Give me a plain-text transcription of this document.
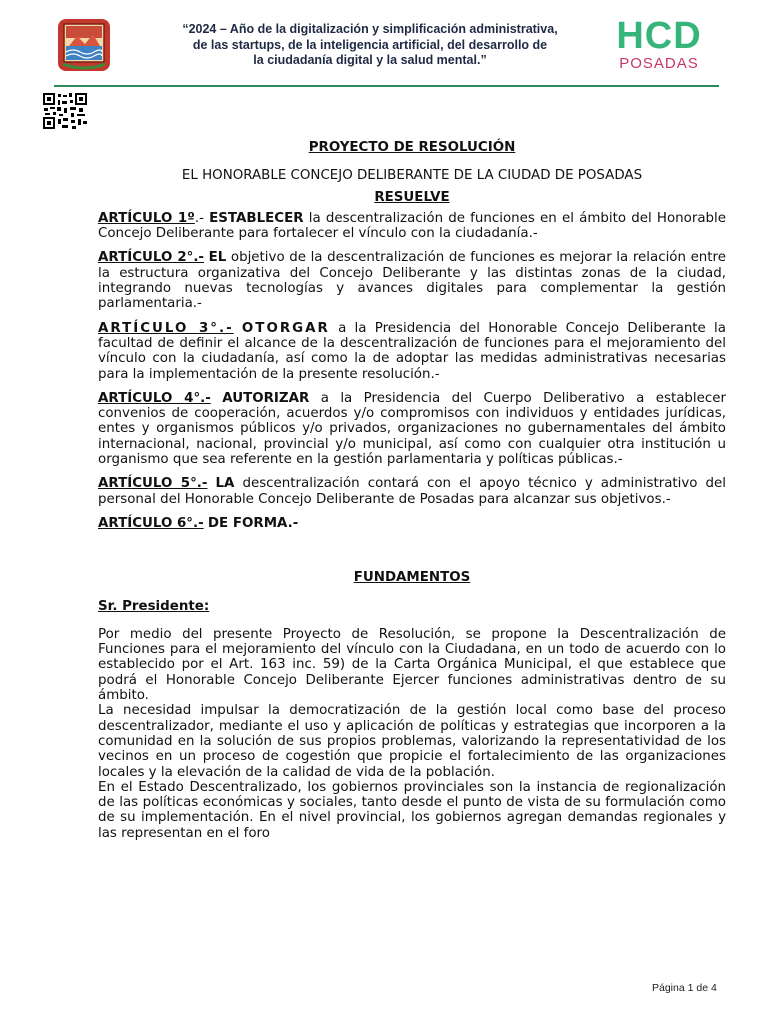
“2024 – Año de la digitalización y simplificación administrativa,
de las startups, de la inteligencia artificial, del desarrollo de
la ciudadanía digital y la salud mental.”
HCD
POSADAS

PROYECTO DE RESOLUCIÓN

EL HONORABLE CONCEJO DELIBERANTE DE LA CIUDAD DE POSADAS

RESUELVE

ARTÍCULO 1º.- ESTABLECER la descentralización de funciones en el ámbito del Honorable Concejo Deliberante para fortalecer el vínculo con la ciudadanía.-

ARTÍCULO 2°.- EL objetivo de la descentralización de funciones es mejorar la relación entre la estructura organizativa del Concejo Deliberante y las distintas zonas de la ciudad, integrando nuevas tecnologías y avances digitales para complementar la gestión parlamentaria.-

ARTÍCULO 3°.- OTORGAR a la Presidencia del Honorable Concejo Deliberante la facultad de definir el alcance de la descentralización de funciones para el mejoramiento del vínculo con la ciudadanía, así como la de adoptar las medidas administrativas necesarias para la implementación de la presente resolución.-

ARTÍCULO 4°.- AUTORIZAR a la Presidencia del Cuerpo Deliberativo a establecer convenios de cooperación, acuerdos y/o compromisos con individuos y entidades jurídicas, entes y organismos públicos y/o privados, organizaciones no gubernamentales del ámbito internacional, nacional, provincial y/o municipal, así como con cualquier otra institución u organismo que sea referente en la gestión parlamentaria y políticas públicas.-

ARTÍCULO 5°.- LA descentralización contará con el apoyo técnico y administrativo del personal del Honorable Concejo Deliberante de Posadas para alcanzar sus objetivos.-

ARTÍCULO 6°.- DE FORMA.-

FUNDAMENTOS

Sr. Presidente:

Por medio del presente Proyecto de Resolución, se propone la Descentralización de Funciones para el mejoramiento del vínculo con la Ciudadana, en un todo de acuerdo con lo establecido por el Art. 163 inc. 59) de la Carta Orgánica Municipal, el que establece que podrá el Honorable Concejo Deliberante Ejercer funciones administrativas dentro de su ámbito.

La necesidad impulsar la democratización de la gestión local como base del proceso descentralizador, mediante el uso y aplicación de políticas y estrategias que incorporen a la comunidad en la solución de sus propios problemas, valorizando la representatividad de los vecinos en un proceso de cogestión que propicie el fortalecimiento de las organizaciones locales y la elevación de la calidad de vida de la población.

En el Estado Descentralizado, los gobiernos provinciales son la instancia de regionalización de las políticas económicas y sociales, tanto desde el punto de vista de su formulación como de su implementación. En el nivel provincial, los gobiernos agregan demandas regionales y las representan en el foro

Página 1 de 4
